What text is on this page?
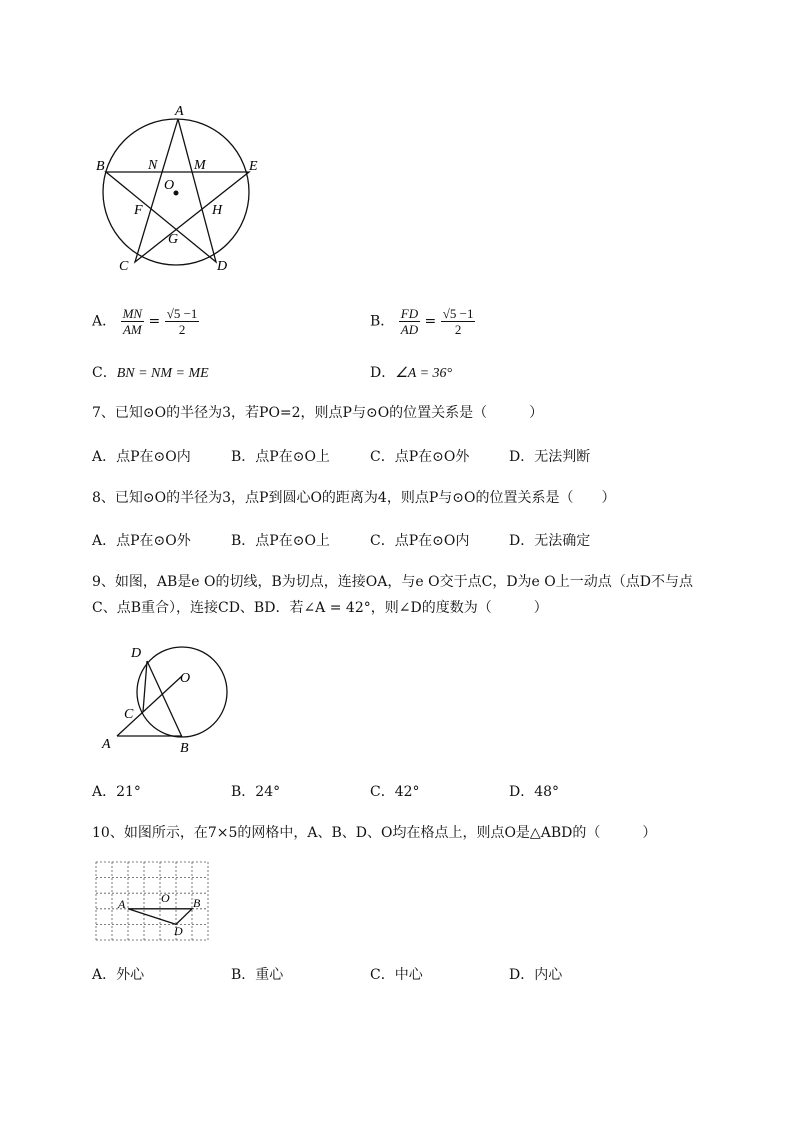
A
B	E
N	M
O
F	H
G
C	D
A． $\frac{MN}{AM} = \frac{√5 -1}{2}$	B． $\frac{FD}{AD} = \frac{√5 -1}{2}$
C．BN = NM = ME	D．∠A = 36°
7、已知⊙O的半径为3，若PO=2，则点P与⊙O的位置关系是（　　　）
A．点P在⊙O内	B．点P在⊙O上	C．点P在⊙O外	D．无法判断
8、已知⊙O的半径为3，点P到圆心O的距离为4，则点P与⊙O的位置关系是（　　）
A．点P在⊙O外	B．点P在⊙O上	C．点P在⊙O内	D．无法确定
9、如图，AB是e O的切线，B为切点，连接OA，与e O交于点C，D为e O上一动点（点D不与点
C、点B重合），连接CD、BD．若∠A = 42°，则∠D的度数为（　　　）
D
O
C
A	B
A．21°	B．24°	C．42°	D．48°
10、如图所示，在7×5的网格中，A、B、D、O均在格点上，则点O是△ABD的（　　　）
A	O B
D
A．外心	B．重心	C．中心	D．内心
